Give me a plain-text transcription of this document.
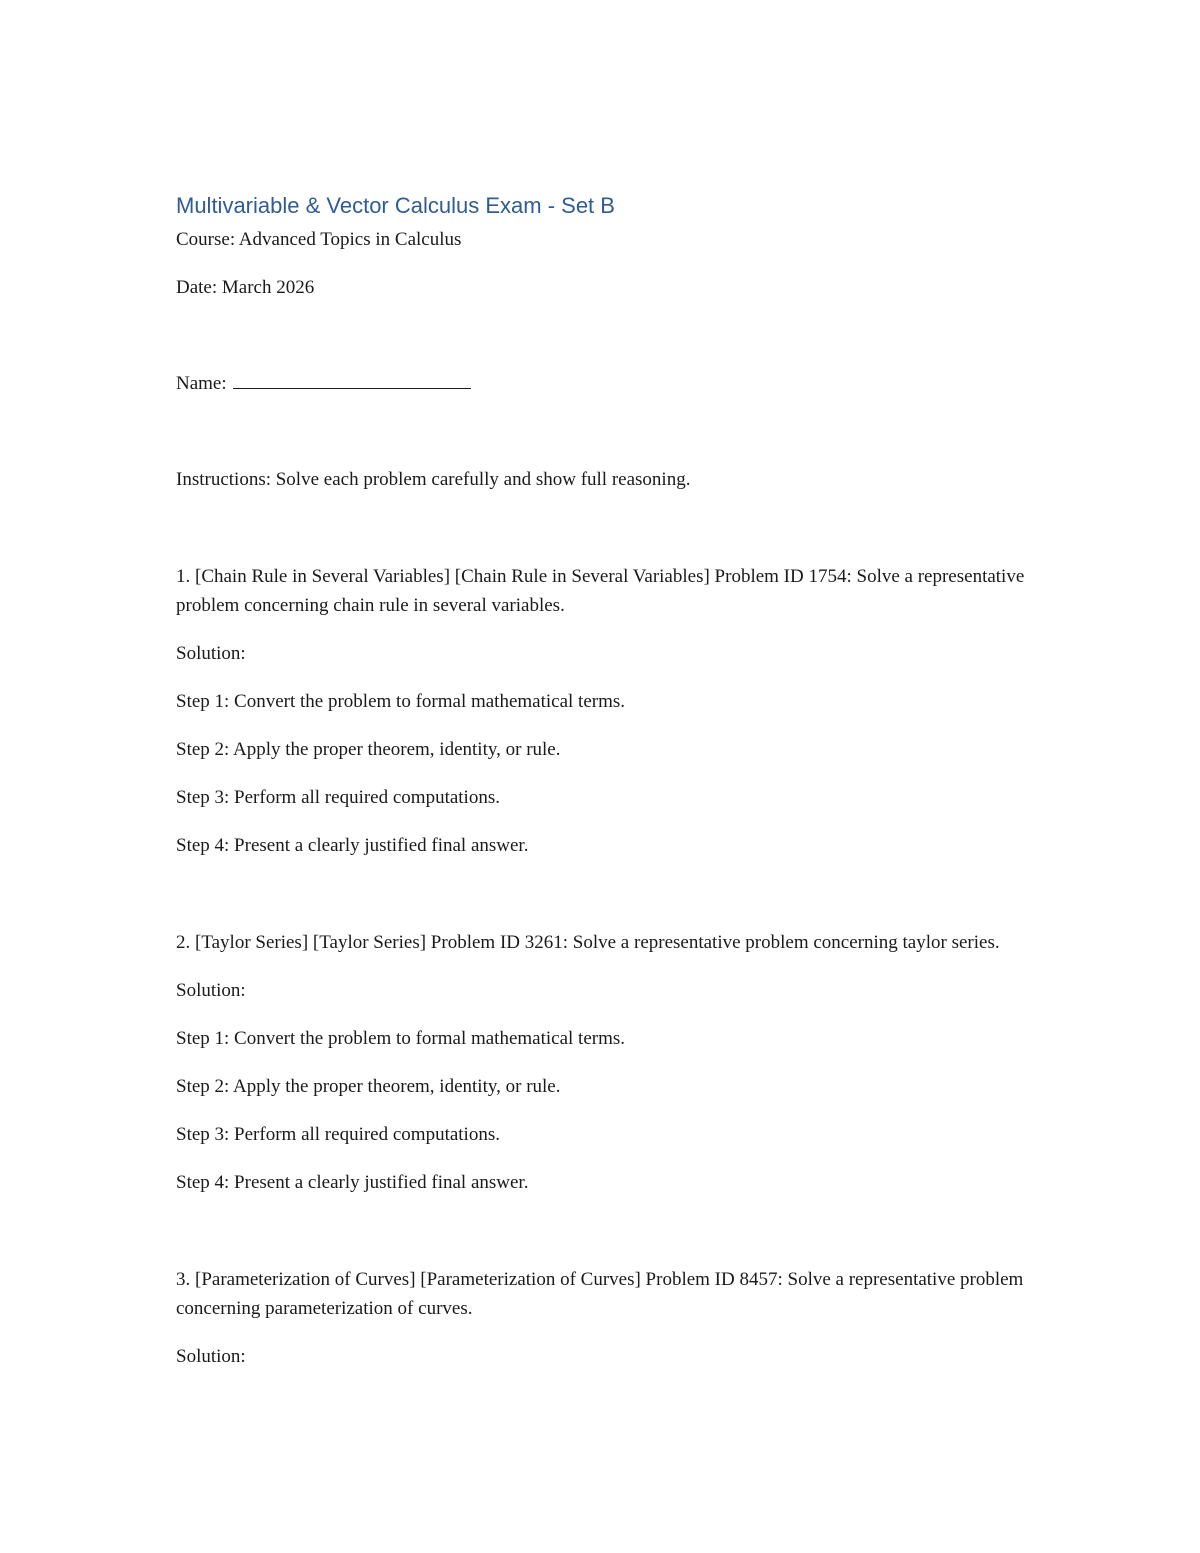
Multivariable & Vector Calculus Exam - Set B
Course: Advanced Topics in Calculus
Date: March 2026
Name:
Instructions: Solve each problem carefully and show full reasoning.

1. [Chain Rule in Several Variables] [Chain Rule in Several Variables] Problem ID 1754: Solve a representative problem concerning chain rule in several variables.

Solution:

Step 1: Convert the problem to formal mathematical terms.

Step 2: Apply the proper theorem, identity, or rule.

Step 3: Perform all required computations.

Step 4: Present a clearly justified final answer.

2. [Taylor Series] [Taylor Series] Problem ID 3261: Solve a representative problem concerning taylor series.

Solution:

Step 1: Convert the problem to formal mathematical terms.

Step 2: Apply the proper theorem, identity, or rule.

Step 3: Perform all required computations.

Step 4: Present a clearly justified final answer.

3. [Parameterization of Curves] [Parameterization of Curves] Problem ID 8457: Solve a representative problem concerning parameterization of curves.

Solution:
